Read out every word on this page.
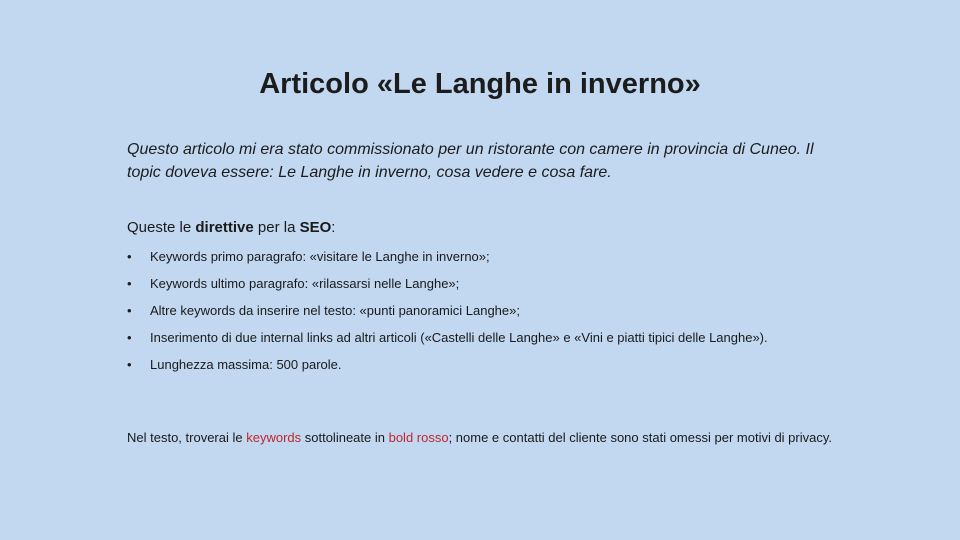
Articolo «Le Langhe in inverno»

Questo articolo mi era stato commissionato per un ristorante con camere in provincia di Cuneo. Il topic doveva essere: Le Langhe in inverno, cosa vedere e cosa fare.

Queste le direttive per la SEO:

• Keywords primo paragrafo: «visitare le Langhe in inverno»;
• Keywords ultimo paragrafo: «rilassarsi nelle Langhe»;
• Altre keywords da inserire nel testo: «punti panoramici Langhe»;
• Inserimento di due internal links ad altri articoli («Castelli delle Langhe» e «Vini e piatti tipici delle Langhe»).
• Lunghezza massima: 500 parole.

Nel testo, troverai le keywords sottolineate in bold rosso; nome e contatti del cliente sono stati omessi per motivi di privacy.
